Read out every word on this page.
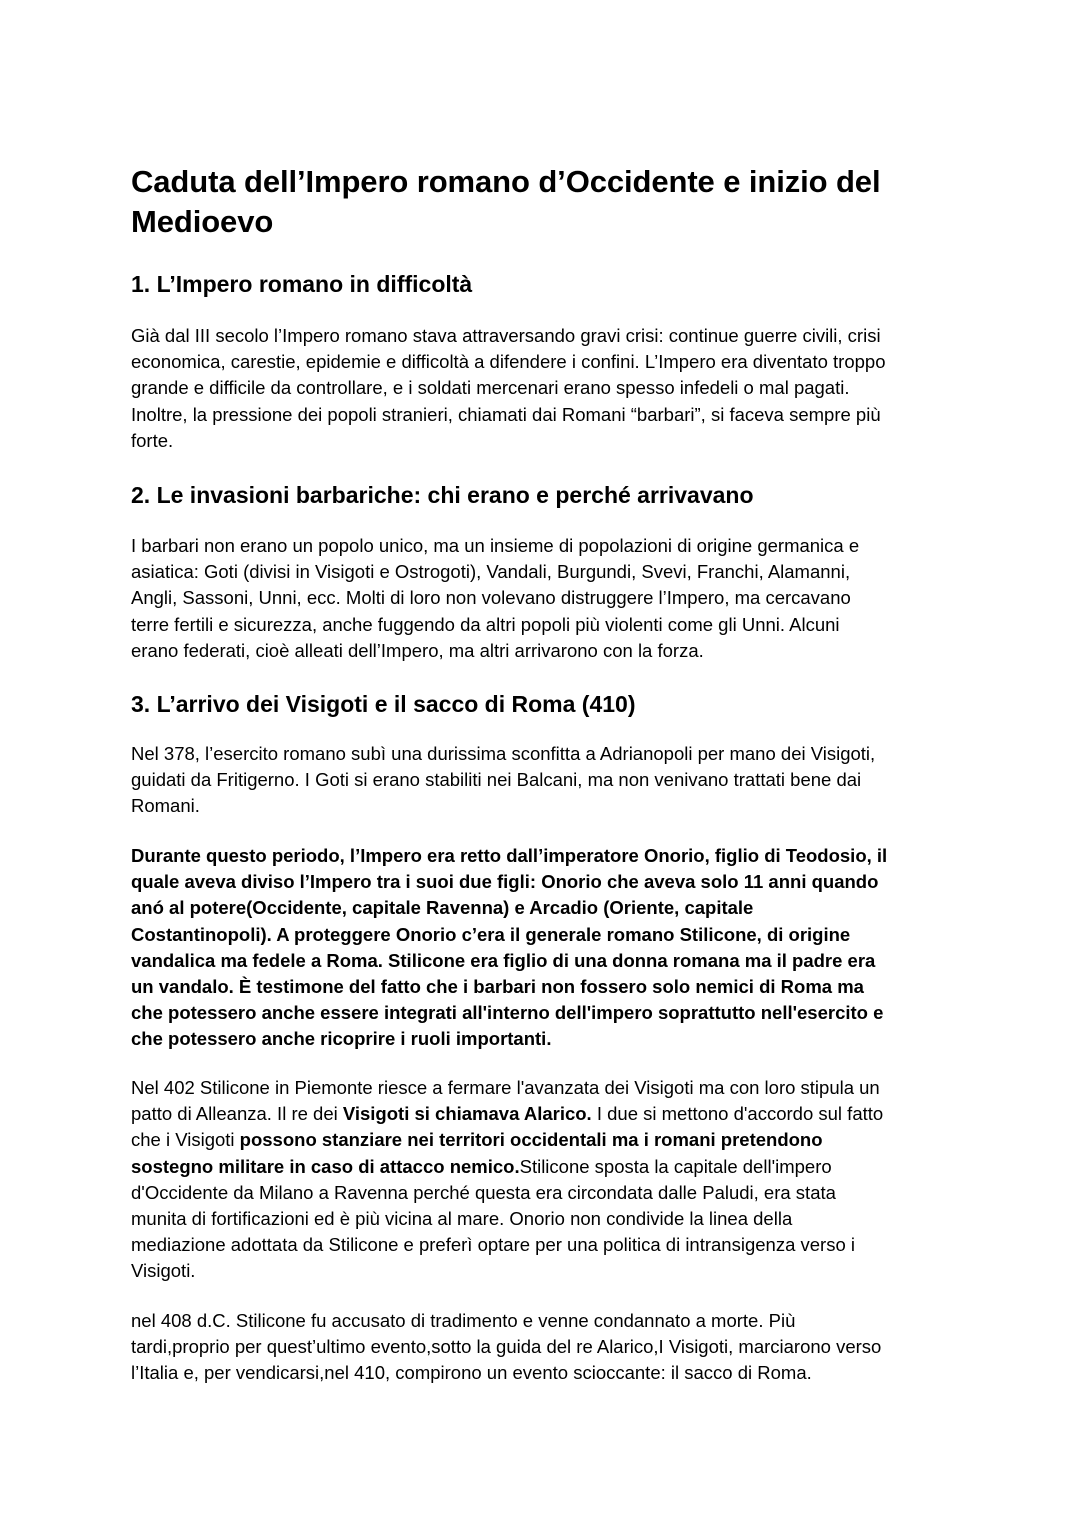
Caduta dell’Impero romano d’Occidente e inizio del Medioevo
1. L’Impero romano in difficoltà

Già dal III secolo l’Impero romano stava attraversando gravi crisi: continue guerre civili, crisi
economica, carestie, epidemie e difficoltà a difendere i confini. L’Impero era diventato troppo
grande e difficile da controllare, e i soldati mercenari erano spesso infedeli o mal pagati.
Inoltre, la pressione dei popoli stranieri, chiamati dai Romani “barbari”, si faceva sempre più
forte.

2. Le invasioni barbariche: chi erano e perché arrivavano

I barbari non erano un popolo unico, ma un insieme di popolazioni di origine germanica e
asiatica: Goti (divisi in Visigoti e Ostrogoti), Vandali, Burgundi, Svevi, Franchi, Alamanni,
Angli, Sassoni, Unni, ecc. Molti di loro non volevano distruggere l’Impero, ma cercavano
terre fertili e sicurezza, anche fuggendo da altri popoli più violenti come gli Unni. Alcuni
erano federati, cioè alleati dell’Impero, ma altri arrivarono con la forza.

3. L’arrivo dei Visigoti e il sacco di Roma (410)

Nel 378, l’esercito romano subì una durissima sconfitta a Adrianopoli per mano dei Visigoti,
guidati da Fritigerno. I Goti si erano stabiliti nei Balcani, ma non venivano trattati bene dai
Romani.

Durante questo periodo, l’Impero era retto dall’imperatore Onorio, figlio di Teodosio, il
quale aveva diviso l’Impero tra i suoi due figli: Onorio che aveva solo 11 anni quando
anó al potere(Occidente, capitale Ravenna) e Arcadio (Oriente, capitale
Costantinopoli). A proteggere Onorio c’era il generale romano Stilicone, di origine
vandalica ma fedele a Roma. Stilicone era figlio di una donna romana ma il padre era
un vandalo. È testimone del fatto che i barbari non fossero solo nemici di Roma ma
che potessero anche essere integrati all'interno dell'impero soprattutto nell'esercito e
che potessero anche ricoprire i ruoli importanti.

Nel 402 Stilicone in Piemonte riesce a fermare l'avanzata dei Visigoti ma con loro stipula un
patto di Alleanza. Il re dei Visigoti si chiamava Alarico. I due si mettono d'accordo sul fatto
che i Visigoti possono stanziare nei territori occidentali ma i romani pretendono
sostegno militare in caso di attacco nemico.Stilicone sposta la capitale dell'impero
d'Occidente da Milano a Ravenna perché questa era circondata dalle Paludi, era stata
munita di fortificazioni ed è più vicina al mare. Onorio non condivide la linea della
mediazione adottata da Stilicone e preferì optare per una politica di intransigenza verso i
Visigoti.

nel 408 d.C. Stilicone fu accusato di tradimento e venne condannato a morte. Più
tardi,proprio per quest’ultimo evento,sotto la guida del re Alarico,I Visigoti, marciarono verso
l’Italia e, per vendicarsi,nel 410, compirono un evento scioccante: il sacco di Roma.
